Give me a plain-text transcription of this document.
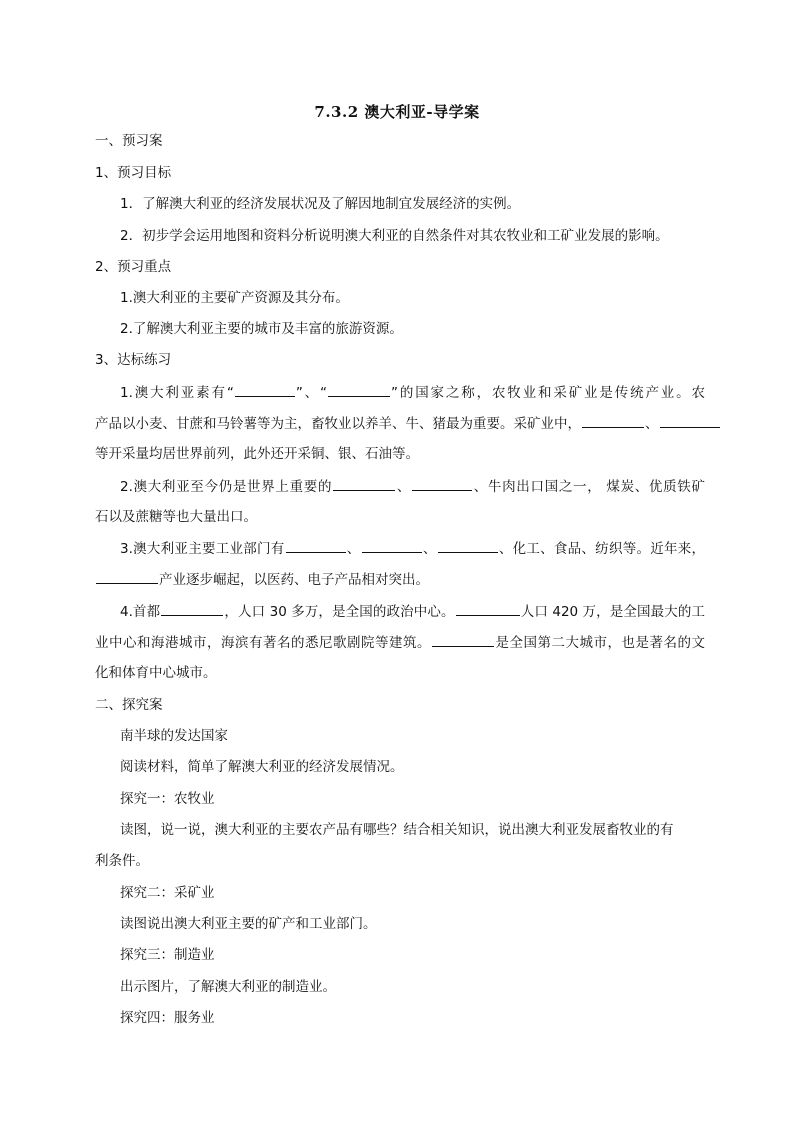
7.3.2 澳大利亚-导学案
一、预习案
1、预习目标
1．了解澳大利亚的经济发展状况及了解因地制宜发展经济的实例。
2．初步学会运用地图和资料分析说明澳大利亚的自然条件对其农牧业和工矿业发展的影响。
2、预习重点
1.澳大利亚的主要矿产资源及其分布。
2.了解澳大利亚主要的城市及丰富的旅游资源。
3、达标练习
1.澳大利亚素有“	”、“	”的国家之称，农牧业和采矿业是传统产业。农
产品以小麦、甘蔗和马铃薯等为主，畜牧业以养羊、牛、猪最为重要。采矿业中，	、
等开采量均居世界前列，此外还开采铜、银、石油等。
2.澳大利亚至今仍是世界上重要的	、	、牛肉出口国之一， 煤炭、优质铁矿
石以及蔗糖等也大量出口。
3.澳大利亚主要工业部门有	、	、	、化工、食品、纺织等。近年来，
产业逐步崛起，以医药、电子产品相对突出。
4.首都	，人口 30 多万，是全国的政治中心。	人口 420 万，是全国最大的工
业中心和海港城市，海滨有著名的悉尼歌剧院等建筑。	是全国第二大城市，也是著名的文
化和体育中心城市。
二、探究案
南半球的发达国家
阅读材料，简单了解澳大利亚的经济发展情况。
探究一：农牧业
读图，说一说，澳大利亚的主要农产品有哪些？结合相关知识，说出澳大利亚发展畜牧业的有
利条件。
探究二：采矿业
读图说出澳大利亚主要的矿产和工业部门。
探究三：制造业
出示图片，了解澳大利亚的制造业。
探究四：服务业
